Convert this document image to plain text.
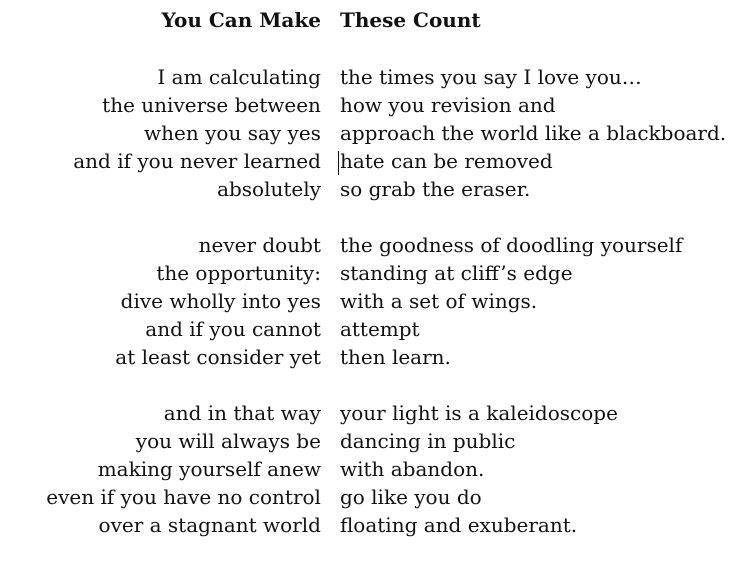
You Can Make These Count
I am calculating the times you say I love you…
the universe between how you revision and
when you say yes approach the world like a blackboard.
and if you never learned hate can be removed
absolutely so grab the eraser.
never doubt the goodness of doodling yourself
the opportunity: standing at cliff’s edge
dive wholly into yes with a set of wings.
and if you cannot attempt
at least consider yet then learn.
and in that way your light is a kaleidoscope
you will always be dancing in public
making yourself anew with abandon.
even if you have no control go like you do
over a stagnant world floating and exuberant.
